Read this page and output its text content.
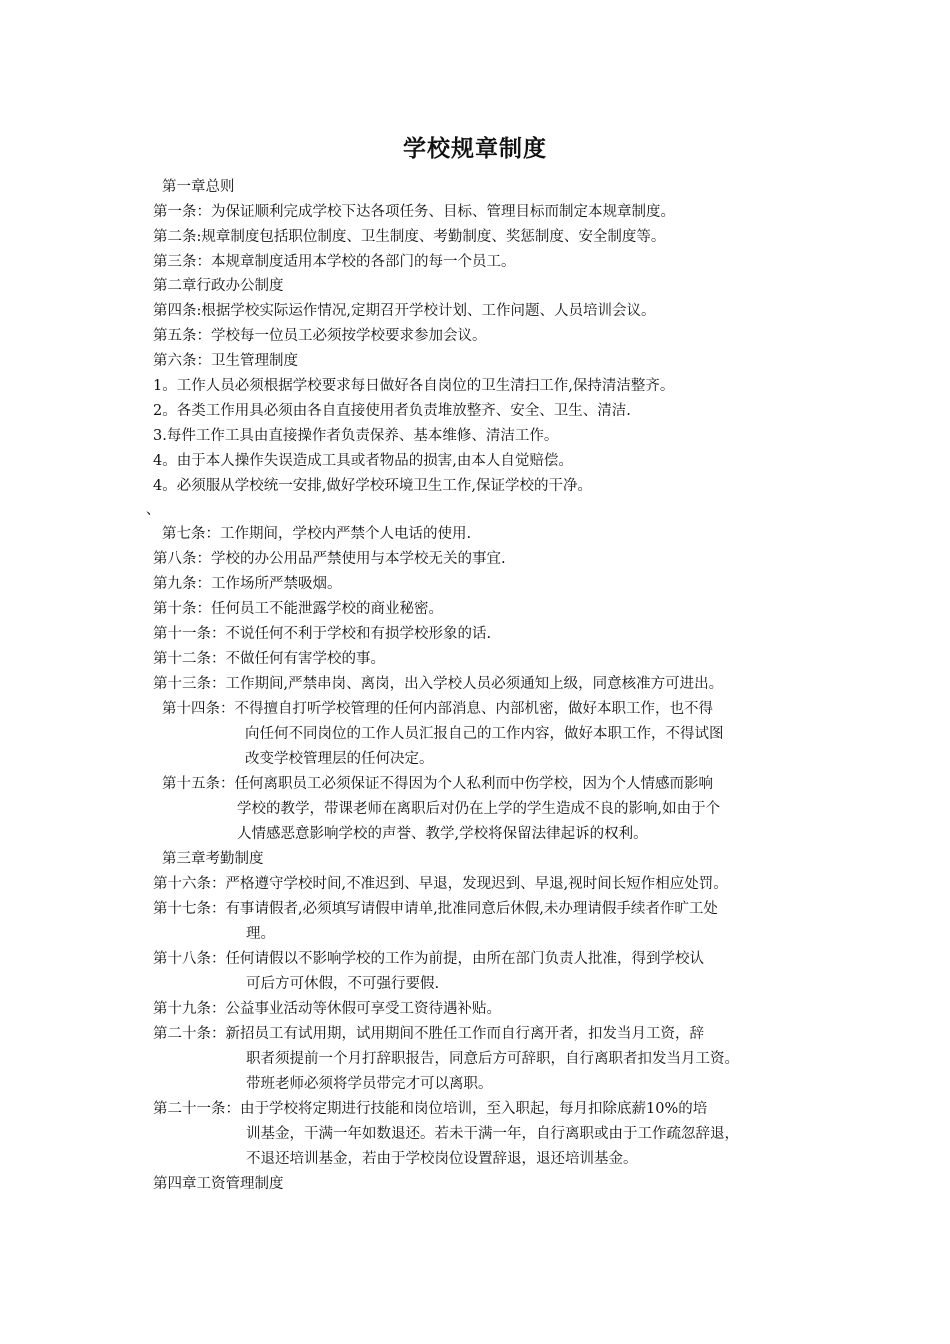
学校规章制度
第一章总则
第一条：为保证顺利完成学校下达各项任务、目标、管理目标而制定本规章制度。
第二条:规章制度包括职位制度、卫生制度、考勤制度、奖惩制度、安全制度等。
第三条：本规章制度适用本学校的各部门的每一个员工。
第二章行政办公制度
第四条:根据学校实际运作情况,定期召开学校计划、工作问题、人员培训会议。
第五条：学校每一位员工必须按学校要求参加会议。
第六条：卫生管理制度
1。工作人员必须根据学校要求每日做好各自岗位的卫生清扫工作,保持清洁整齐。
2。各类工作用具必须由各自直接使用者负责堆放整齐、安全、卫生、清洁.
3.每件工作工具由直接操作者负责保养、基本维修、清洁工作。
4。由于本人操作失误造成工具或者物品的损害,由本人自觉赔偿。
4。必须服从学校统一安排,做好学校环境卫生工作,保证学校的干净。
、
第七条：工作期间，学校内严禁个人电话的使用.
第八条：学校的办公用品严禁使用与本学校无关的事宜.
第九条：工作场所严禁吸烟。
第十条：任何员工不能泄露学校的商业秘密。
第十一条：不说任何不利于学校和有损学校形象的话.
第十二条：不做任何有害学校的事。
第十三条：工作期间,严禁串岗、离岗，出入学校人员必须通知上级，同意核准方可进出。
第十四条：不得擅自打听学校管理的任何内部消息、内部机密，做好本职工作，也不得
向任何不同岗位的工作人员汇报自己的工作内容，做好本职工作，不得试图
改变学校管理层的任何决定。
第十五条：任何离职员工必须保证不得因为个人私利而中伤学校，因为个人情感而影响
学校的教学，带课老师在离职后对仍在上学的学生造成不良的影响,如由于个
人情感恶意影响学校的声誉、教学,学校将保留法律起诉的权利。
第三章考勤制度
第十六条：严格遵守学校时间,不准迟到、早退，发现迟到、早退,视时间长短作相应处罚。
第十七条：有事请假者,必须填写请假申请单,批准同意后休假,未办理请假手续者作旷工处
理。
第十八条：任何请假以不影响学校的工作为前提，由所在部门负责人批准，得到学校认
可后方可休假，不可强行要假.
第十九条：公益事业活动等休假可享受工资待遇补贴。
第二十条：新招员工有试用期，试用期间不胜任工作而自行离开者，扣发当月工资，辞
职者须提前一个月打辞职报告，同意后方可辞职，自行离职者扣发当月工资。
带班老师必须将学员带完才可以离职。
第二十一条：由于学校将定期进行技能和岗位培训，至入职起，每月扣除底薪10%的培
训基金，干满一年如数退还。若未干满一年，自行离职或由于工作疏忽辞退，
不退还培训基金，若由于学校岗位设置辞退，退还培训基金。
第四章工资管理制度
